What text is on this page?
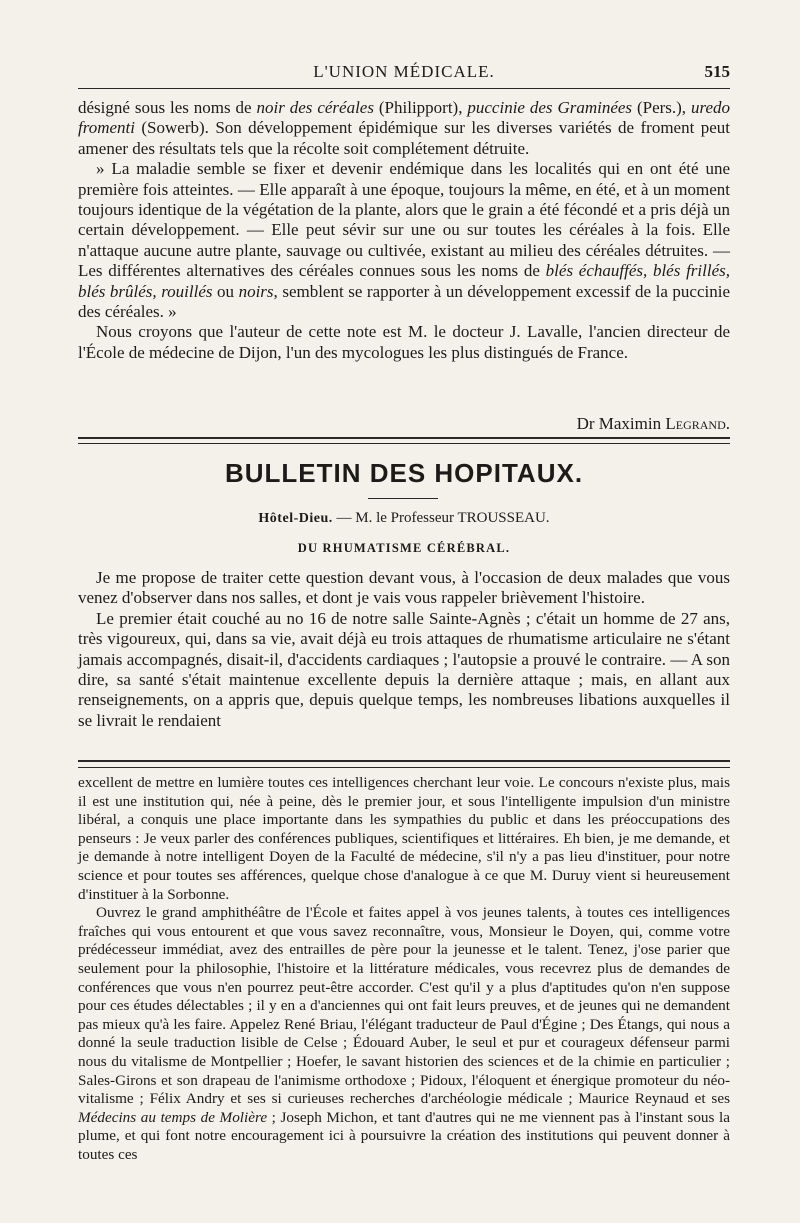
L'UNION MÉDICALE.	515

désigné sous les noms de noir des céréales (Philipport), puccinie des Graminées (Pers.), uredo fromenti (Sowerb). Son développement épidémique sur les diverses variétés de froment peut amener des résultats tels que la récolte soit complétement détruite.

» La maladie semble se fixer et devenir endémique dans les localités qui en ont été une première fois atteintes. — Elle apparaît à une époque, toujours la même, en été, et à un moment toujours identique de la végétation de la plante, alors que le grain a été fécondé et a pris déjà un certain développement. — Elle peut sévir sur une ou sur toutes les céréales à la fois. Elle n'attaque aucune autre plante, sauvage ou cultivée, existant au milieu des céréales détruites. — Les différentes alternatives des céréales connues sous les noms de blés échauffés, blés frillés, blés brûlés, rouillés ou noirs, semblent se rapporter à un développement excessif de la puccinie des céréales. »

Nous croyons que l'auteur de cette note est M. le docteur J. Lavalle, l'ancien directeur de l'École de médecine de Dijon, l'un des mycologues les plus distingués de France.

Dr Maximin Legrand.
BULLETIN DES HOPITAUX.
Hôtel-Dieu. — M. le Professeur TROUSSEAU.
DU RHUMATISME CÉRÉBRAL.

Je me propose de traiter cette question devant vous, à l'occasion de deux malades que vous venez d'observer dans nos salles, et dont je vais vous rappeler brièvement l'histoire.

Le premier était couché au no 16 de notre salle Sainte-Agnès ; c'était un homme de 27 ans, très vigoureux, qui, dans sa vie, avait déjà eu trois attaques de rhumatisme articulaire ne s'étant jamais accompagnés, disait-il, d'accidents cardiaques ; l'autopsie a prouvé le contraire. — A son dire, sa santé s'était maintenue excellente depuis la dernière attaque ; mais, en allant aux renseignements, on a appris que, depuis quelque temps, les nombreuses libations auxquelles il se livrait le rendaient

excellent de mettre en lumière toutes ces intelligences cherchant leur voie. Le concours n'existe plus, mais il est une institution qui, née à peine, dès le premier jour, et sous l'intelligente impulsion d'un ministre libéral, a conquis une place importante dans les sympathies du public et dans les préoccupations des penseurs : Je veux parler des conférences publiques, scientifiques et littéraires. Eh bien, je me demande, et je demande à notre intelligent Doyen de la Faculté de médecine, s'il n'y a pas lieu d'instituer, pour notre science et pour toutes ses afférences, quelque chose d'analogue à ce que M. Duruy vient si heureusement d'instituer à la Sorbonne.

Ouvrez le grand amphithéâtre de l'École et faites appel à vos jeunes talents, à toutes ces intelligences fraîches qui vous entourent et que vous savez reconnaître, vous, Monsieur le Doyen, qui, comme votre prédécesseur immédiat, avez des entrailles de père pour la jeunesse et le talent. Tenez, j'ose parier que seulement pour la philosophie, l'histoire et la littérature médicales, vous recevrez plus de demandes de conférences que vous n'en pourrez peut-être accorder. C'est qu'il y a plus d'aptitudes qu'on n'en suppose pour ces études délectables ; il y en a d'anciennes qui ont fait leurs preuves, et de jeunes qui ne demandent pas mieux qu'à les faire. Appelez René Briau, l'élégant traducteur de Paul d'Égine ; Des Étangs, qui nous a donné la seule traduction lisible de Celse ; Édouard Auber, le seul et pur et courageux défenseur parmi nous du vitalisme de Montpellier ; Hoefer, le savant historien des sciences et de la chimie en particulier ; Sales-Girons et son drapeau de l'animisme orthodoxe ; Pidoux, l'éloquent et énergique promoteur du néo-vitalisme ; Félix Andry et ses si curieuses recherches d'archéologie médicale ; Maurice Reynaud et ses Médecins au temps de Molière ; Joseph Michon, et tant d'autres qui ne me viennent pas à l'instant sous la plume, et qui font notre encouragement ici à poursuivre la création des institutions qui peuvent donner à toutes ces
